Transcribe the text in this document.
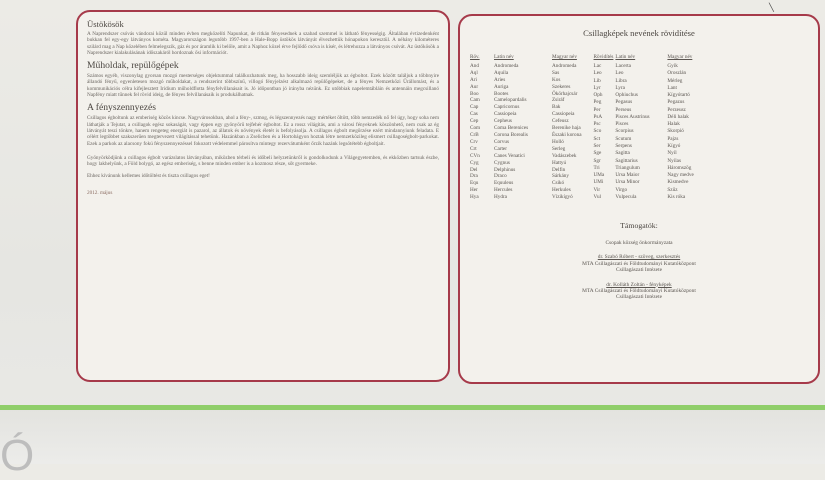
Üstökösök

A Naprendszer csóvás vándorai közül minden évben megközelíti Napunkat, de ritkán fényesednek a szabad szemmel is látható fényességig. Általában évtizedenként bukkan fel egy-egy látványos kométa. Magyarországon legutóbb 1997-ben a Hale-Bopp üstökös látványát élvezhettük hónapokon keresztül. A néhány kilométeres szilárd mag a Nap közelében felmelegszik, gáz és por áramlik ki belőle, amit a Naphoz közel érve fejlődő csóva is kísér, és létrehozza a látványos csóvát. Az üstökösök a Naprendszer kialakulásának időszakáról hordoznak ősi információt.

Műholdak, repülőgépek

Számos egyéb, viszonylag gyorsan mozgó mesterséges objektummal találkozhatunk meg, ha hosszabb ideig szemléljük az égboltot. Ezek között találjuk a többnyire állandó fényű, egyenletesen mozgó műholdakat, a rendszerint többszínű, villogó fényjelzést alkalmazó repülőgépeket, de a fényes Nemzetközi Űrállomást, és a kommunikációs célra kifejlesztett Iridium műholdflotta fényfelvillanásait is. Jó időpontban jó irányba nézünk. Ez utóbbiak napelemtábláin és antennáin megcsillanó Napfény miatt tűnnek fel rövid ideig, de fényes felvillanásaik is produkálhatnak.

A fényszennyezés

Csillagos égboltunk az emberiség közös kincse. Nagyvárosokban, ahol a fény-, szmog, és légszennyezés nagy mértéket öltött, több nemzedék nő fel úgy, hogy soha nem láthatják a Tejutat, a csillagok egész sokaságát, vagy éppen egy gyönyörű tejfehér égboltot. Ez a rossz világítás, ami a városi fényeknek köszönhető, nem csak az ég látványát teszi tönkre, hanem rengeteg energiát is pazarol, az állatok és növények életét is befolyásolja. A csillagos égbolt megőrzése ezért mindannyiunk feladata. E célért legtöbbet szakszerűen megtervezett világítással tehetünk. Hazánkban a Zselicben és a Hortobágyon hoztak létre nemzetközileg elismert csillagoségbolt-parkokat. Ezek a parkok az alacsony fokú fényszennyezéssel fokozott védelemmel párosítva mintegy rezervátumként őrzik hazánk legsötétebb égboltjait.

Gyönyörködjünk a csillagos égbolt varázslatos látványában, miközben térbeli és időbeli helyzetünkről is gondolkodunk a Világegyetemben, és ekközben tartsuk észbe, hogy lakhelyünk, a Föld bolygó, az egész emberiség, s benne minden ember is a kozmosz része, sőt gyermeke.

Ehhez kívánunk kellemes időtöltést és tiszta csillagos eget!

2012. május
Csillagképek nevének rövidítése
Röv.	Latin név	Magyar név
And	Andromeda	Andromeda
Aql	Aquila	Sas
Ari	Aries	Kos
Aur	Auriga	Szekeres
Boo	Bootes	Ökörhajcsár
Cam	Camelopardalis	Zsiráf
Cap	Capricornus	Bak
Cas	Cassiopeia	Cassiopeia
Cep	Cepheus	Cefeusz
Com	Coma Berenices	Berenike haja
CrB	Corona Borealis	Északi korona
Crv	Corvus	Holló
Crt	Carter	Serleg
CVn	Canes Venatici	Vadászebek
Cyg	Cygnus	Hattyú
Del	Delphinus	Delfin
Dra	Draco	Sárkány
Equ	Equuleus	Csikó
Her	Hercules	Herkules
Hya	Hydra	Vízikígyó
Rövidítés	Latin név	Magyar név
Lac	Lacerta	Gyík
Leo	Leo	Oroszlán
Lib	Libra	Mérleg
Lyr	Lyra	Lant
Oph	Ophiuchus	Kígyótartó
Peg	Pegasus	Pegazus
Per	Perseus	Perzeusz
PsA	Pisces Austrinus	Déli halak
Psc	Pisces	Halak
Sco	Scorpius	Skorpió
Sct	Scutum	Pajzs
Ser	Serpens	Kígyó
Sge	Sagitta	Nyíl
Sgr	Sagittarius	Nyilas
Tri	Triangulum	Háromszög
UMa	Ursa Maior	Nagy medve
UMi	Ursa Minor	Kismedve
Vir	Virgo	Szűz
Vul	Vulpecula	Kis róka
Támogatók:
Csopak község önkormányzata
dr. Szabó Róbert - szöveg, szerkesztés
MTA Csillagászati és Földtudományi Kutatóközpont
Csillagászati Intézete
dr. Kolláth Zoltán - fényképek
MTA Csillagászati és Földtudományi Kutatóközpont
Csillagászati Intézete
╲
Ó
